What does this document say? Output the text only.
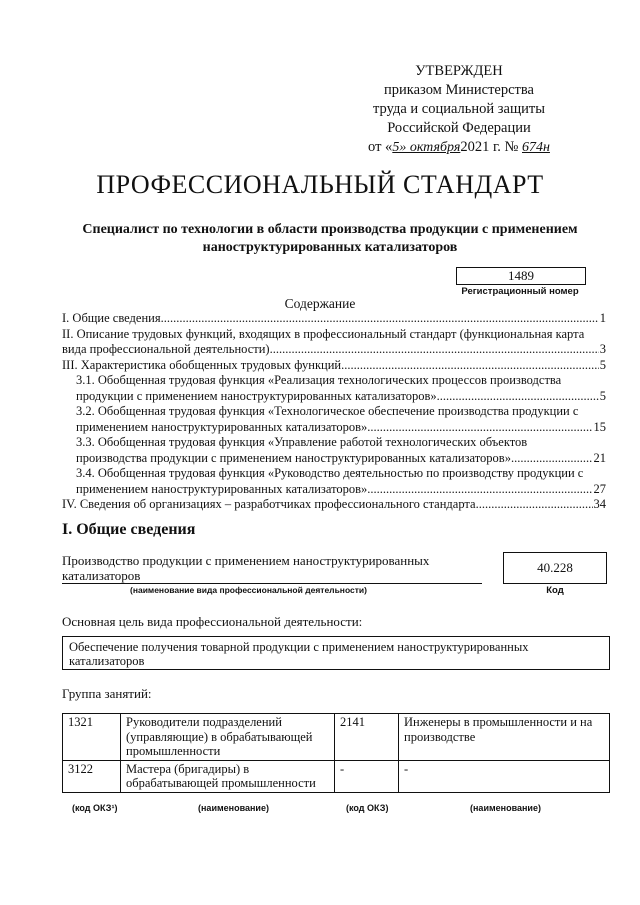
УТВЕРЖДЕН
приказом Министерства
труда и социальной защиты
Российской Федерации
от «5» октября2021 г. № 674н
ПРОФЕССИОНАЛЬНЫЙ СТАНДАРТ
Специалист по технологии в области производства продукции с применением наноструктурированных катализаторов
1489
Регистрационный номер
Содержание
I. Общие сведения .....	1
II. Описание трудовых функций, входящих в профессиональный стандарт (функциональная карта
вида профессиональной деятельности) .....	3
III. Характеристика обобщенных трудовых функций .....	5
3.1. Обобщенная трудовая функция «Реализация технологических процессов производства
продукции с применением наноструктурированных катализаторов» .....	5
3.2. Обобщенная трудовая функция «Технологическое обеспечение производства продукции с
применением наноструктурированных катализаторов» .....	15
3.3. Обобщенная трудовая функция «Управление работой технологических объектов
производства продукции с применением наноструктурированных катализаторов» .....	21
3.4. Обобщенная трудовая функция «Руководство деятельностью по производству продукции с
применением наноструктурированных катализаторов» .....	27
IV. Сведения об организациях – разработчиках профессионального стандарта .....	34
I. Общие сведения
Производство продукции с применением наноструктурированных катализаторов
(наименование вида профессиональной деятельности)
40.228
Код
Основная цель вида профессиональной деятельности:
Обеспечение получения товарной продукции с применением наноструктурированных катализаторов
Группа занятий:
1321	Руководители подразделений (управляющие) в обрабатывающей промышленности	2141	Инженеры в промышленности и на производстве
3122	Мастера (бригадиры) в обрабатывающей промышленности	-	-
(код ОКЗ¹)	(наименование)	(код ОКЗ)	(наименование)
